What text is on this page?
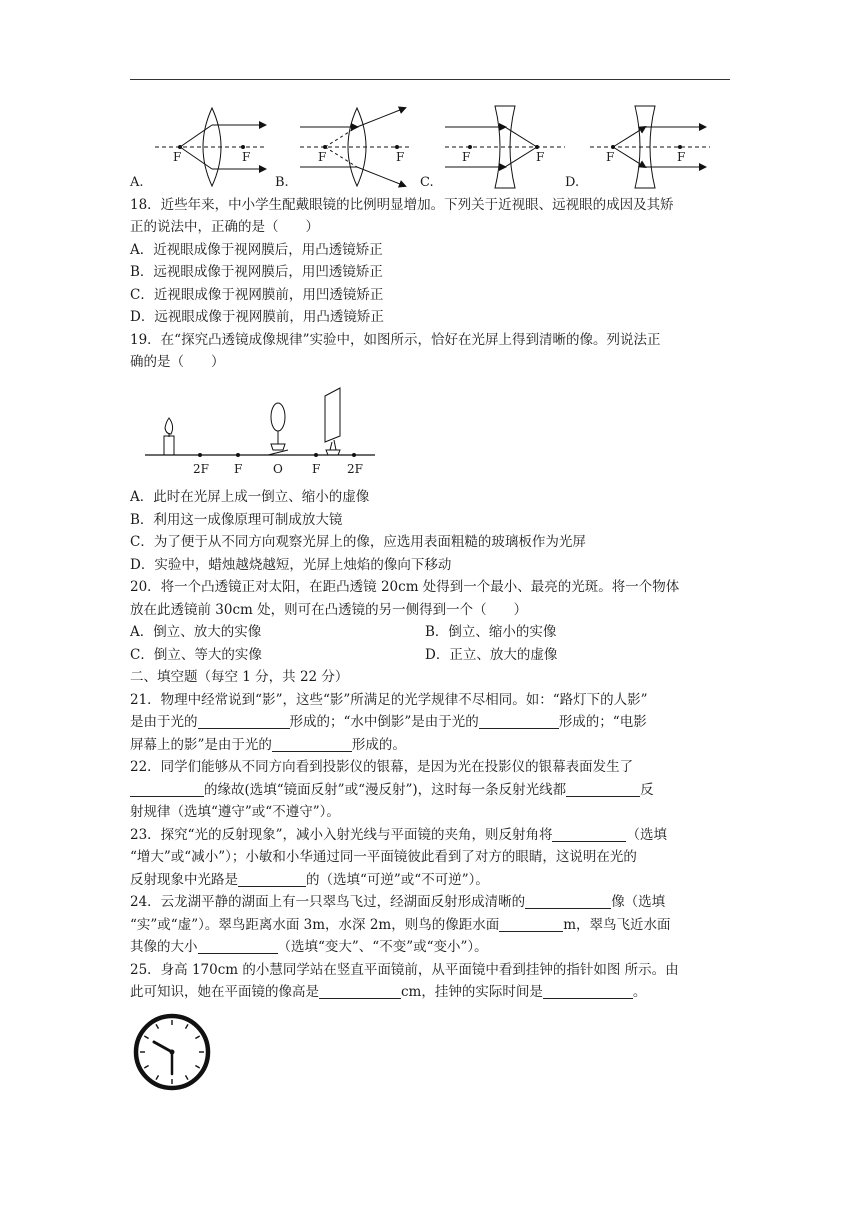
F	F	F	F	F	F	F	F
A.	B.	C.	D.
18．近些年来，中小学生配戴眼镜的比例明显增加。下列关于近视眼、远视眼的成因及其矫
正的说法中，正确的是（　　）
A．近视眼成像于视网膜后，用凸透镜矫正
B．远视眼成像于视网膜后，用凹透镜矫正
C．近视眼成像于视网膜前，用凹透镜矫正
D．远视眼成像于视网膜前，用凸透镜矫正
19．在“探究凸透镜成像规律”实验中，如图所示，恰好在光屏上得到清晰的像。列说法正
确的是（　　）
2F F	O F 2F
A．此时在光屏上成一倒立、缩小的虚像
B．利用这一成像原理可制成放大镜
C．为了便于从不同方向观察光屏上的像，应选用表面粗糙的玻璃板作为光屏
D．实验中，蜡烛越烧越短，光屏上烛焰的像向下移动
20．将一个凸透镜正对太阳，在距凸透镜 20cm 处得到一个最小、最亮的光斑。将一个物体
放在此透镜前 30cm 处，则可在凸透镜的另一侧得到一个（　　）
A．倒立、放大的实像	B．倒立、缩小的实像
C．倒立、等大的实像	D．正立、放大的虚像
二、填空题（每空 1 分，共 22 分）
21．物理中经常说到“影”，这些“影”所满足的光学规律不尽相同。如：“路灯下的人影”
是由于光的	形成的；“水中倒影”是由于光的	形成的；“电影
屏幕上的影”是由于光的	形成的。
22．同学们能够从不同方向看到投影仪的银幕，是因为光在投影仪的银幕表面发生了
的缘故(选填“镜面反射”或“漫反射”)，这时每一条反射光线都	反
射规律（选填“遵守”或“不遵守”）。
23．探究“光的反射现象”，减小入射光线与平面镜的夹角，则反射角将	（选填
“增大”或“减小”）；小敏和小华通过同一平面镜彼此看到了对方的眼睛，这说明在光的
反射现象中光路是	的（选填“可逆”或“不可逆”）。
24．云龙湖平静的湖面上有一只翠鸟飞过，经湖面反射形成清晰的	像（选填
“实”或“虚”）。翠鸟距离水面 3m，水深 2m，则鸟的像距水面	m，翠鸟飞近水面
其像的大小	（选填“变大”、“不变”或“变小”）。
25．身高 170cm 的小慧同学站在竖直平面镜前，从平面镜中看到挂钟的指针如图 所示。由
此可知识，她在平面镜的像高是	cm，挂钟的实际时间是	。
